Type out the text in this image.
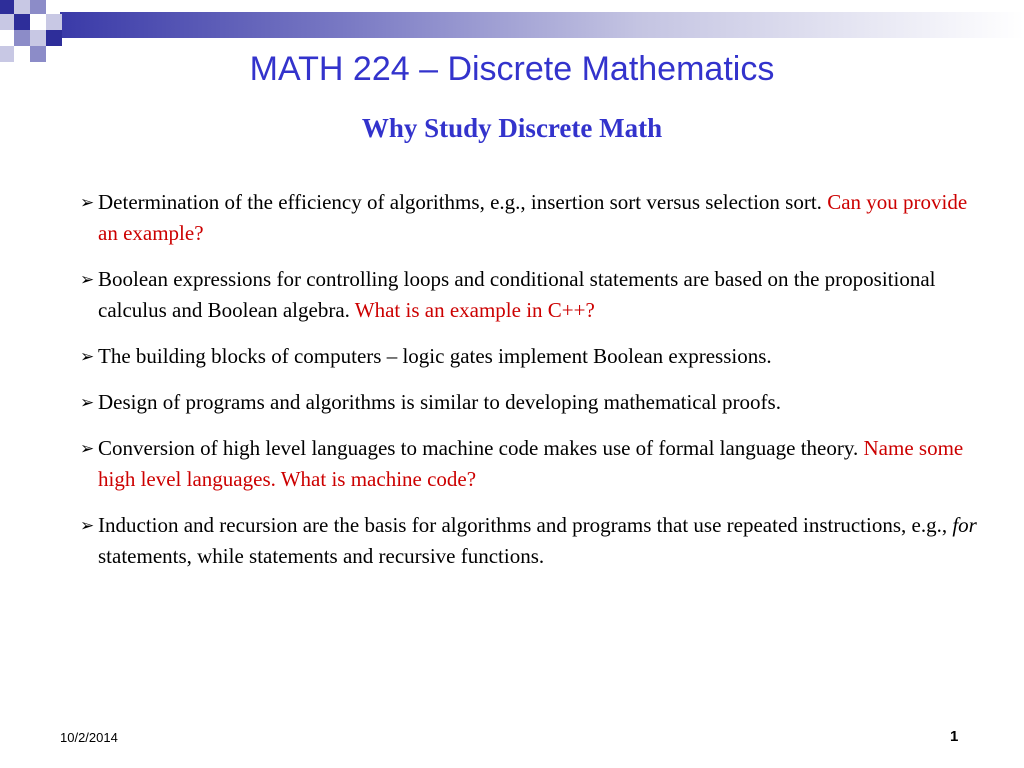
MATH 224 – Discrete Mathematics
Why Study Discrete Math
➢ Determination of the efficiency of algorithms, e.g., insertion sort versus selection sort. Can you provide an example?
➢ Boolean expressions for controlling loops and conditional statements are based on the propositional calculus and Boolean algebra. What is an example in C++?
➢ The building blocks of computers – logic gates implement Boolean expressions.
➢ Design of programs and algorithms is similar to developing mathematical proofs.
➢ Conversion of high level languages to machine code makes use of formal language theory. Name some high level languages. What is machine code?
➢ Induction and recursion are the basis for algorithms and programs that use repeated instructions, e.g., for statements, while statements and recursive functions.
10/2/2014	1
